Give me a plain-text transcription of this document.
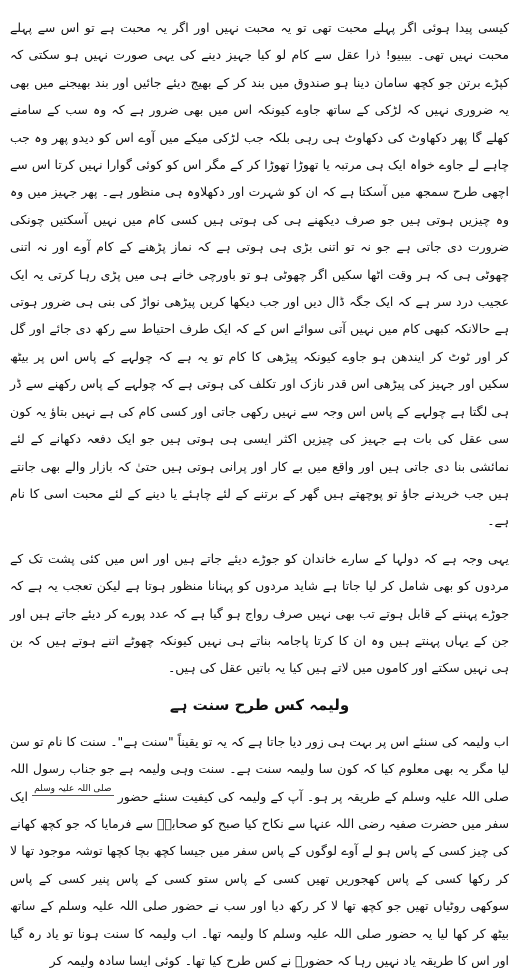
کیسی پیدا ہوئی اگر پہلے محبت تھی تو یہ محبت نہیں اور اگر یہ محبت ہے تو اس سے پہلے محبت نہیں تھی۔ بیبیو! ذرا عقل سے کام لو کیا جہیز دینے کی یہی صورت نہیں ہو سکتی کہ کپڑے برتن جو کچھ سامان دینا ہو صندوق میں بند کر کے بھیج دیئے جائیں اور بند بھیجنے میں بھی یہ ضروری نہیں کہ لڑکی کے ساتھ جاوے کیونکہ اس میں بھی ضرور ہے کہ وہ سب کے سامنے کھلے گا پھر دکھاوٹ کی دکھاوٹ ہی رہی بلکہ جب لڑکی میکے میں آوے اس کو دیدو پھر وہ جب چاہے لے جاوے خواہ ایک ہی مرتبہ یا تھوڑا تھوڑا کر کے مگر اس کو کوئی گوارا نہیں کرتا اس سے اچھی طرح سمجھ میں آسکتا ہے کہ ان کو شہرت اور دکھلاوہ ہی منظور ہے۔ پھر جہیز میں وہ وہ چیزیں ہوتی ہیں جو صرف دیکھنے ہی کی ہوتی ہیں کسی کام میں نہیں آسکتیں چونکی ضرورت دی جاتی ہے جو نہ تو اتنی بڑی ہی ہوتی ہے کہ نماز پڑھنے کے کام آوے اور نہ اتنی چھوٹی ہی کہ ہر وقت اٹھا سکیں اگر چھوٹی ہو تو باورچی خانے ہی میں پڑی رہا کرتی یہ ایک عجیب درد سر ہے کہ ایک جگہ ڈال دیں اور جب دیکھا کریں پیڑھی نواڑ کی بنی ہی ضرور ہوتی ہے حالانکہ کبھی کام میں نہیں آتی سوائے اس کے کہ ایک طرف احتیاط سے رکھ دی جائے اور گل کر اور ٹوٹ کر ایندھن ہو جاوے کیونکہ پیڑھی کا کام تو یہ ہے کہ چولہے کے پاس اس پر بیٹھ سکیں اور جہیز کی پیڑھی اس قدر نازک اور تکلف کی ہوتی ہے کہ چولہے کے پاس رکھنے سے ڈر ہی لگتا ہے چولہے کے پاس اس وجہ سے نہیں رکھی جاتی اور کسی کام کی ہے نہیں بتاؤ یہ کون سی عقل کی بات ہے جہیز کی چیزیں اکثر ایسی ہی ہوتی ہیں جو ایک دفعہ دکھانے کے لئے نمائشی بنا دی جاتی ہیں اور واقع میں بے کار اور پرانی ہوتی ہیں حتیٰ کہ بازار والے بھی جانتے ہیں جب خریدنے جاؤ تو پوچھتے ہیں گھر کے برتنے کے لئے چاہئے یا دینے کے لئے محبت اسی کا نام ہے۔

یہی وجہ ہے کہ دولہا کے سارے خاندان کو جوڑے دیئے جاتے ہیں اور اس میں کئی پشت تک کے مردوں کو بھی شامل کر لیا جاتا ہے شاید مردوں کو پہنانا منظور ہوتا ہے لیکن تعجب یہ ہے کہ جوڑے پہننے کے قابل ہوتے تب بھی نہیں صرف رواج ہو گیا ہے کہ عدد پورے کر دیئے جاتے ہیں اور جن کے یہاں پہنتے ہیں وہ ان کا کرتا پاجامہ بناتے ہی نہیں کیونکہ چھوٹے اتنے ہوتے ہیں کہ بن ہی نہیں سکتے اور کاموں میں لاتے ہیں کیا یہ باتیں عقل کی ہیں۔

ولیمہ کس طرح سنت ہے

اب ولیمہ کی سنئے اس پر بہت ہی زور دیا جاتا ہے کہ یہ تو یقیناً "سنت ہے"۔ سنت کا نام تو سن لیا مگر یہ بھی معلوم کیا کہ کون سا ولیمہ سنت ہے۔ سنت وہی ولیمہ ہے جو جناب رسول اللہ صلی اللہ علیہ وسلم کے طریقہ پر ہو۔ آپ کے ولیمہ کی کیفیت سنئے حضور صلی اللہ علیہ وسلم ایک سفر میں حضرت صفیہ رضی اللہ عنہا سے نکاح کیا صبح کو صحابہؓ سے فرمایا کہ جو کچھ کھانے کی چیز کسی کے پاس ہو لے آوے لوگوں کے پاس سفر میں جیسا کچھ بچا کچھا توشہ موجود تھا لا کر رکھا کسی کے پاس کھجوریں تھیں کسی کے پاس ستو کسی کے پاس پنیر کسی کے پاس سوکھی روٹیاں تھیں جو کچھ تھا لا کر رکھ دیا اور سب نے حضور صلی اللہ علیہ وسلم کے ساتھ بیٹھ کر کھا لیا یہ حضور صلی اللہ علیہ وسلم کا ولیمہ تھا۔ اب ولیمہ کا سنت ہونا تو یاد رہ گیا اور اس کا طریقہ یاد نہیں رہا کہ حضورؐ نے کس طرح کیا تھا۔ کوئی ایسا سادہ ولیمہ کر
